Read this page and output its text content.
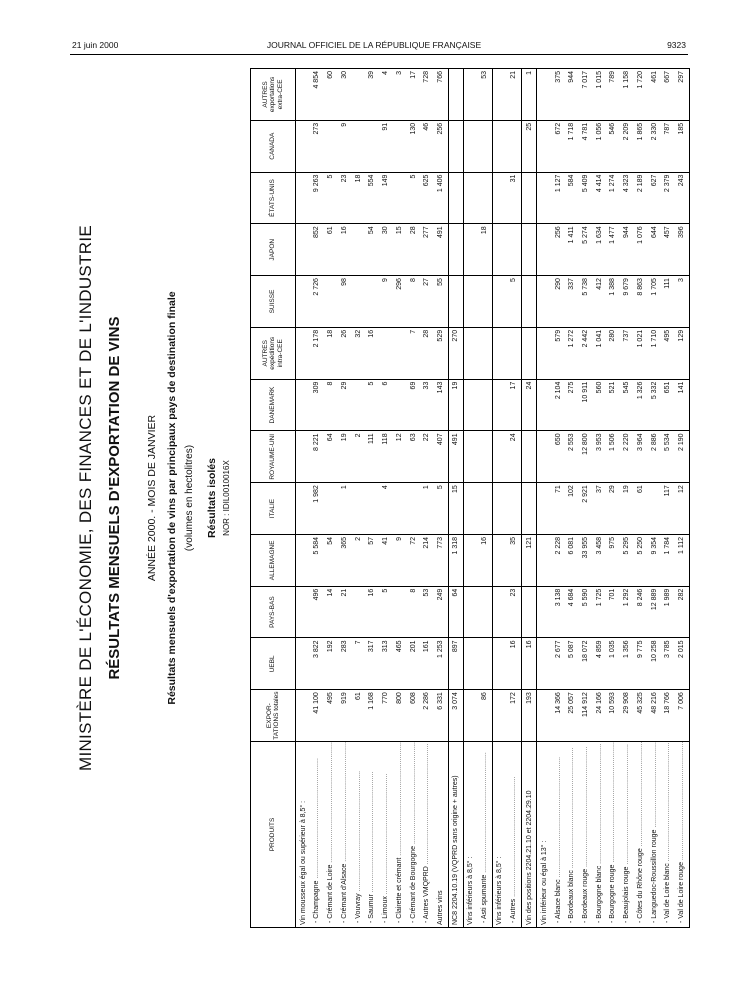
21 juin 2000	JOURNAL OFFICIEL DE LA RÉPUBLIQUE FRANÇAISE	9323
MINISTÈRE DE L'ÉCONOMIE, DES FINANCES ET DE L'INDUSTRIE RÉSULTATS MENSUELS D'EXPORTATION DE VINS ANNÉE 2000. - MOIS DE JANVIER Résultats mensuels d'exportation de vins par principaux pays de destination finale (volumes en hectolitres) Résultats isolés NOR : IDIL0010016X
PRODUITS	EXPOR-TATIONS totales	UEBL	PAYS-BAS	ALLEMAGNE	ITALIE	ROYAUME-UNI	DANEMARK	AUTRES expéditions intra-CEE	SUISSE	JAPON	ÉTATS-UNIS	CANADA	AUTRES exportations extra-CEE
Vin mousseux égal ou supérieur à 8,5° :													
- Champagne .....	41 100	3 822	496	5 584	1 982	8 221	309	2 178	2 726	852	9 263	273	4 854
- Crémant de Loire .....	495	192	14	54		64	8	18		61	5		60
- Crémant d'Alsace .....	919	283	21	365	1	19	29	26	98	16	23	9	30
- Vouvray .....	61	7		2		2		32			18		
- Saumur .....	1 168	317	16	57		111	5	16		54	554		39
- Limoux .....	770	313	5	41	4	118	6		9	30	149	91	4
- Clairette et crémant .....	800	465		9		12			296	15			3
- Crémant de Bourgogne .....	608	201	8	72		63	69	7	8	28	5	130	17
- Autres VMQPRD .....	2 286	161	53	214	1	22	33	28	27	277	625	46	728
Autres vins	6 331	1 253	249	773	5	407	143	529	55	491	1 406	256	766
NC8 2204.10.19 (VQPRD sans origine + autres)	3 074	897	64	1 318	15	491	19	270					
Vins inférieurs à 8,5° :													
- Asti spumante .....	86			16						18			53
Vins inférieurs à 8,5° :													
- Autres .....	172	16	23	35		24	17		5		31		21
Vin des positions 2204.21.10 et 2204.29.10	193	16		121			24					25	1
Vin inférieur ou égal à 13° :													
- Alsace blanc .....	14 366	2 677	3 138	2 228	71	650	2 104	579	290	256	1 127	672	375
- Bordeaux blanc .....	25 057	5 087	4 684	6 081	102	2 553	275	1 272	337	1 411	584	1 718	944
- Bordeaux rouge .....	114 912	18 072	5 590	33 955	2 921	12 800	10 911	2 442	5 738	5 274	5 409	4 781	7 017
- Bourgogne blanc .....	24 166	4 859	1 725	3 458	37	3 953	560	1 041	412	1 634	4 414	1 056	1 015
- Bourgogne rouge .....	10 593	1 035	701	975	29	1 506	521	280	1 388	1 477	1 274	546	789
- Beaujolais rouge .....	29 908	1 356	1 292	5 295	19	2 220	545	737	9 679	944	4 323	2 209	1 158
- Côtes du Rhône rouge .....	45 325	9 775	8 246	5 250	61	3 964	1 326	1 021	8 863	1 076	2 189	1 865	1 720
- Languedoc-Roussillon rouge .....	48 216	10 258	12 889	9 354		2 886	5 332	1 710	1 705	644	627	2 330	461
- Val de Loire blanc .....	18 766	3 785	1 989	1 784	117	5 534	651	495	111	457	2 379	787	667
- Val de Loire rouge .....	7 006	2 015	282	1 112	12	2 190	141	129	3	396	243	185	297
